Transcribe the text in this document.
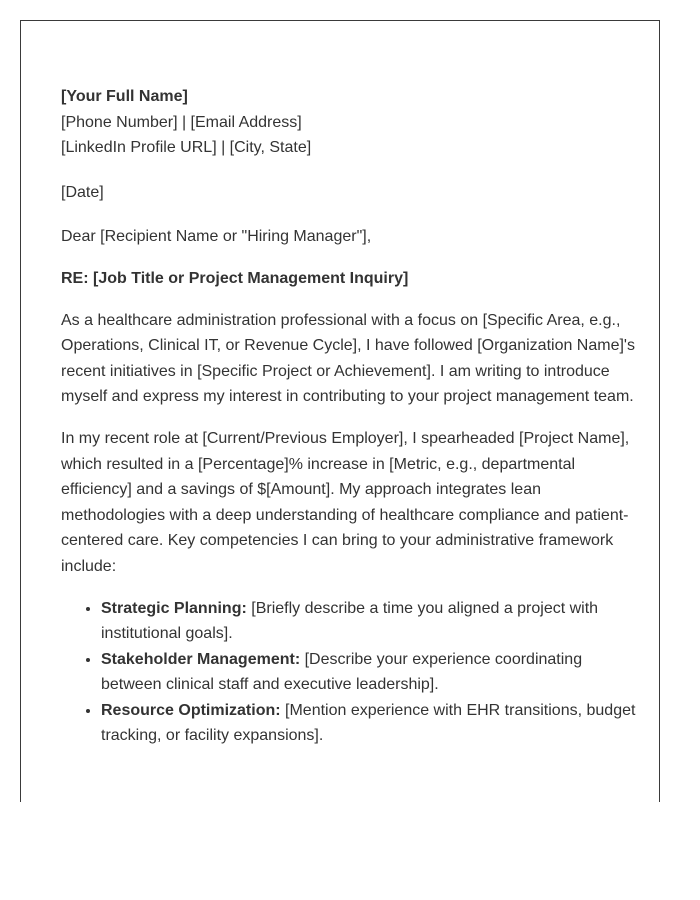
[Your Full Name]
[Phone Number] | [Email Address]
[LinkedIn Profile URL] | [City, State]
[Date]
Dear [Recipient Name or "Hiring Manager"],
RE: [Job Title or Project Management Inquiry]

As a healthcare administration professional with a focus on [Specific Area, e.g., Operations, Clinical IT, or Revenue Cycle], I have followed [Organization Name]'s recent initiatives in [Specific Project or Achievement]. I am writing to introduce myself and express my interest in contributing to your project management team.

In my recent role at [Current/Previous Employer], I spearheaded [Project Name], which resulted in a [Percentage]% increase in [Metric, e.g., departmental efficiency] and a savings of $[Amount]. My approach integrates lean methodologies with a deep understanding of healthcare compliance and patient-centered care. Key competencies I can bring to your administrative framework include:

• Strategic Planning: [Briefly describe a time you aligned a project with institutional goals].
• Stakeholder Management: [Describe your experience coordinating between clinical staff and executive leadership].
• Resource Optimization: [Mention experience with EHR transitions, budget tracking, or facility expansions].
